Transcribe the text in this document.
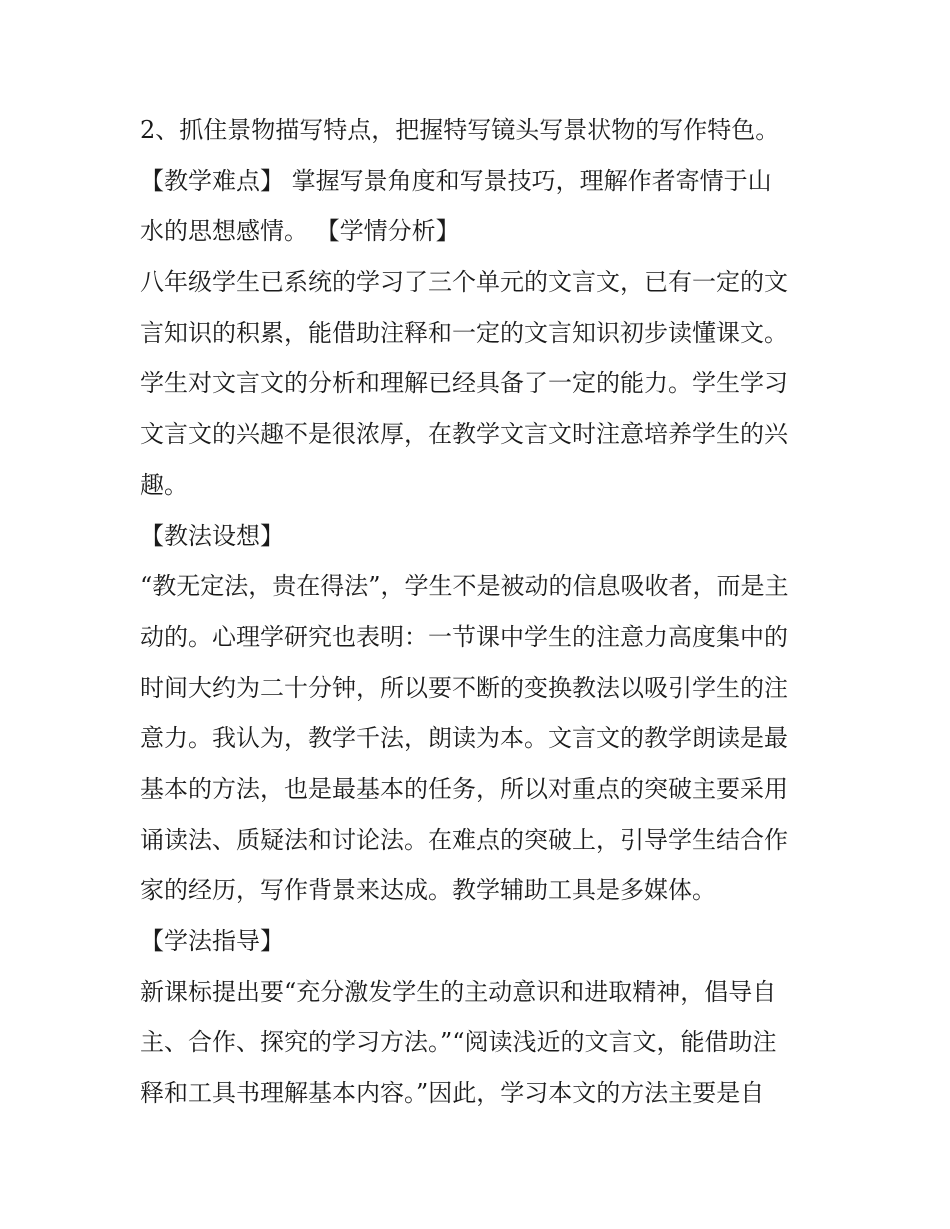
2、抓住景物描写特点，把握特写镜头写景状物的写作特色。
【教学难点】 掌握写景角度和写景技巧，理解作者寄情于山
水的思想感情。 【学情分析】
八年级学生已系统的学习了三个单元的文言文，已有一定的文
言知识的积累，能借助注释和一定的文言知识初步读懂课文。
学生对文言文的分析和理解已经具备了一定的能力。学生学习
文言文的兴趣不是很浓厚，在教学文言文时注意培养学生的兴
趣。
【教法设想】
“教无定法，贵在得法”，学生不是被动的信息吸收者，而是主
动的。心理学研究也表明：一节课中学生的注意力高度集中的
时间大约为二十分钟，所以要不断的变换教法以吸引学生的注
意力。我认为，教学千法，朗读为本。文言文的教学朗读是最
基本的方法，也是最基本的任务，所以对重点的突破主要采用
诵读法、质疑法和讨论法。在难点的突破上，引导学生结合作
家的经历，写作背景来达成。教学辅助工具是多媒体。
【学法指导】
新课标提出要“充分激发学生的主动意识和进取精神，倡导自
主、合作、探究的学习方法。”“阅读浅近的文言文，能借助注
释和工具书理解基本内容。”因此，学习本文的方法主要是自
